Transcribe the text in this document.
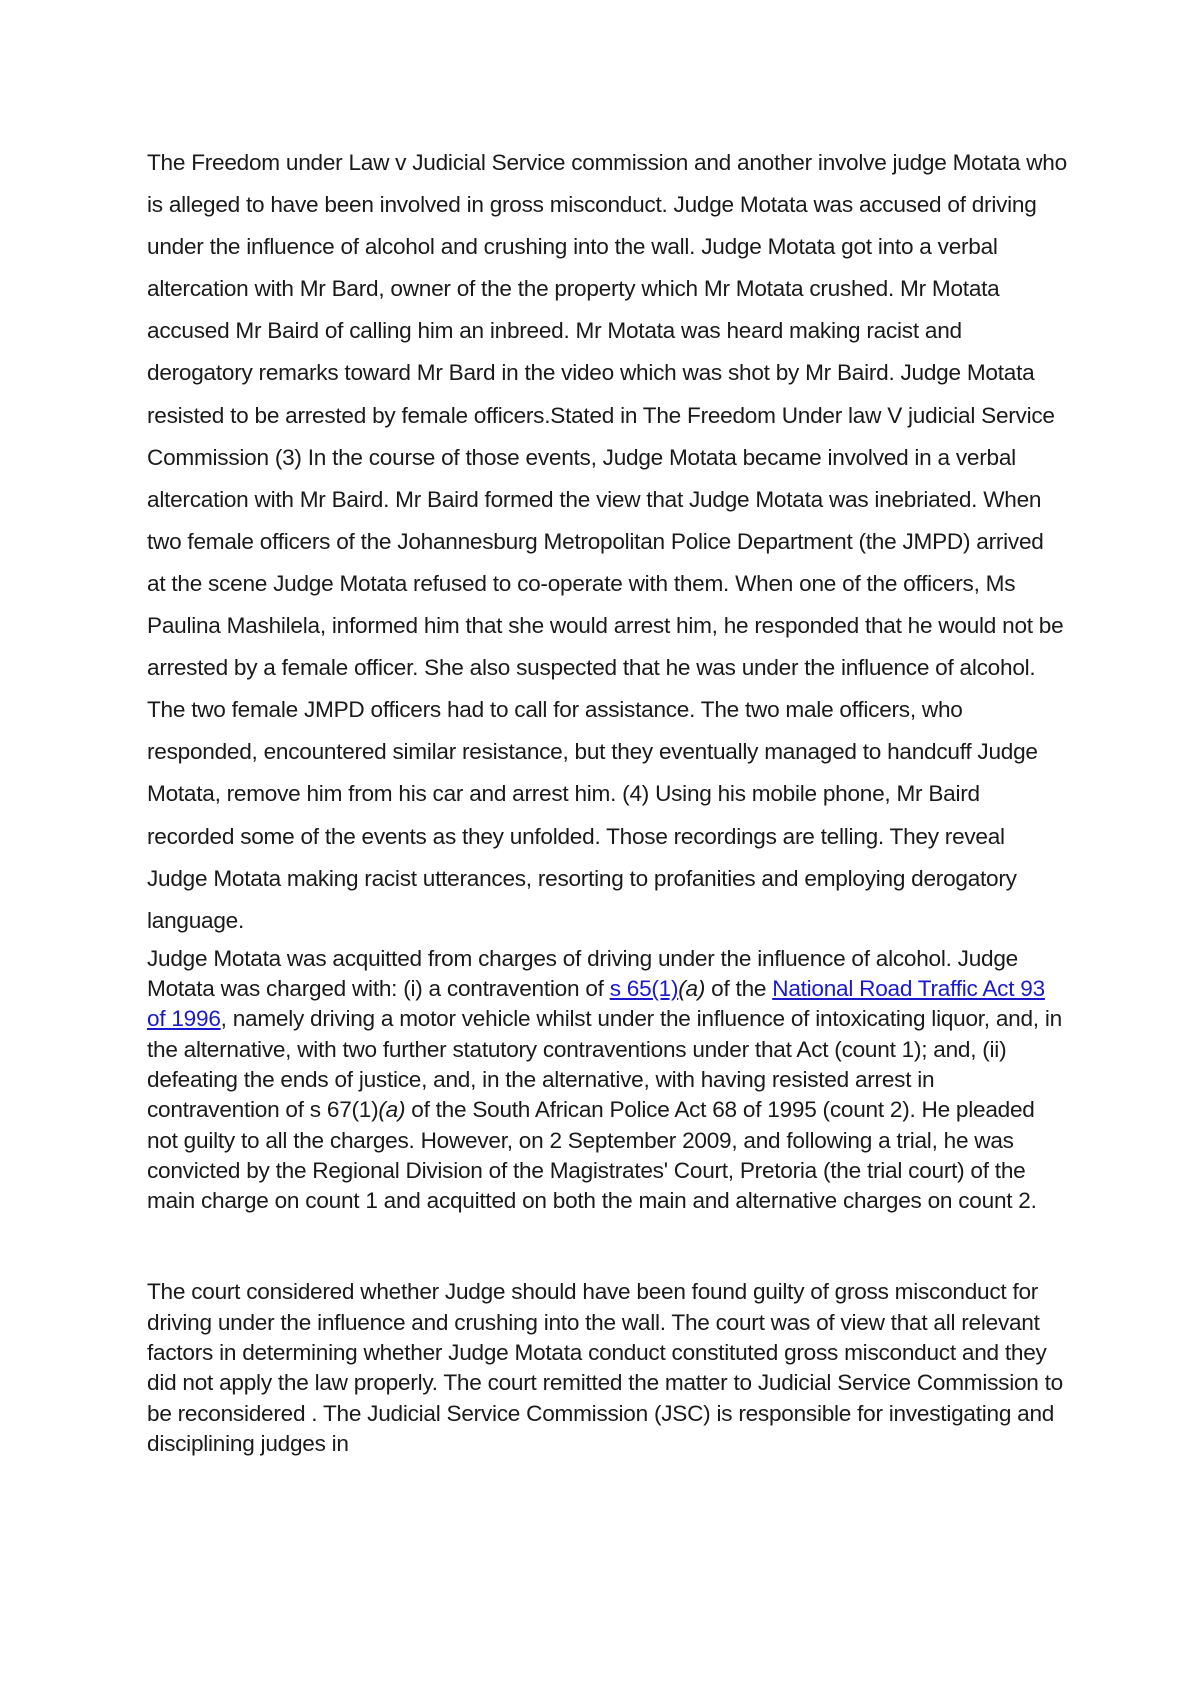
The Freedom under Law v Judicial Service commission and another involve judge Motata who is alleged to have been involved in gross misconduct. Judge Motata was accused of driving under the influence of alcohol and crushing into the wall. Judge Motata got into a verbal altercation with Mr Bard, owner of the the property which Mr Motata crushed. Mr Motata accused Mr Baird of calling him an inbreed. Mr Motata was heard making racist and derogatory remarks toward Mr Bard in the video which was shot by Mr Baird. Judge Motata resisted to be arrested by female officers.Stated in The Freedom Under law V judicial Service Commission (3) In the course of those events, Judge Motata became involved in a verbal altercation with Mr Baird. Mr Baird formed the view that Judge Motata was inebriated. When two female officers of the Johannesburg Metropolitan Police Department (the JMPD) arrived at the scene Judge Motata refused to co-operate with them. When one of the officers, Ms Paulina Mashilela, informed him that she would arrest him, he responded that he would not be arrested by a female officer. She also suspected that he was under the influence of alcohol. The two female JMPD officers had to call for assistance. The two male officers, who responded, encountered similar resistance, but they eventually managed to handcuff Judge Motata, remove him from his car and arrest him. (4) Using his mobile phone, Mr Baird recorded some of the events as they unfolded. Those recordings are telling. They reveal Judge Motata making racist utterances, resorting to profanities and employing derogatory language.

Judge Motata was acquitted from charges of driving under the influence of alcohol. Judge Motata was charged with: (i) a contravention of s 65(1)(a) of the National Road Traffic Act 93 of 1996, namely driving a motor vehicle whilst under the influence of intoxicating liquor, and, in the alternative, with two further statutory contraventions under that Act (count 1); and, (ii) defeating the ends of justice, and, in the alternative, with having resisted arrest in contravention of s 67(1)(a) of the South African Police Act 68 of 1995 (count 2). He pleaded not guilty to all the charges. However, on 2 September 2009, and following a trial, he was convicted by the Regional Division of the Magistrates' Court, Pretoria (the trial court) of the main charge on count 1 and acquitted on both the main and alternative charges on count 2.

The court considered whether Judge should have been found guilty of gross misconduct for driving under the influence and crushing into the wall. The court was of view that all relevant factors in determining whether Judge Motata conduct constituted gross misconduct and they did not apply the law properly. The court remitted the matter to Judicial Service Commission to be reconsidered . The Judicial Service Commission (JSC) is responsible for investigating and disciplining judges in
